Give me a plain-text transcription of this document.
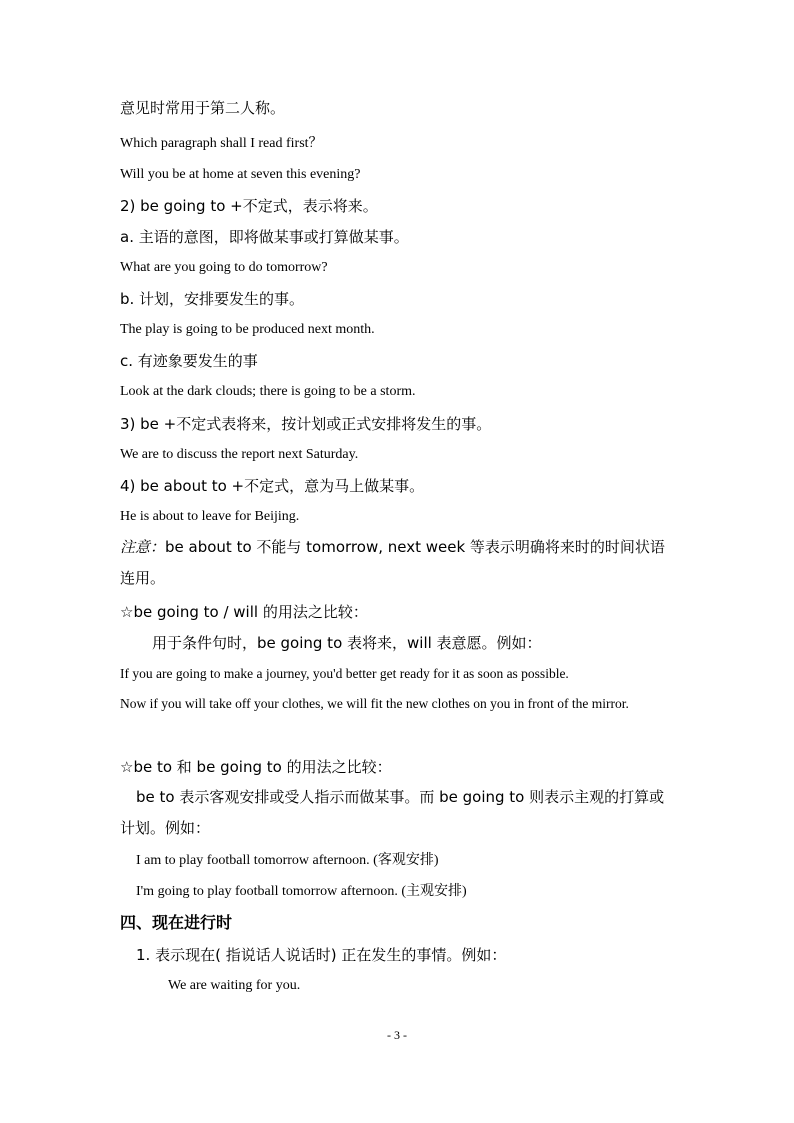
意见时常用于第二人称。
Which paragraph shall I read first？
Will you be at home at seven this evening?
2) be going to +不定式，表示将来。
a. 主语的意图，即将做某事或打算做某事。
What are you going to do tomorrow?
b. 计划，安排要发生的事。
The play is going to be produced next month.
c. 有迹象要发生的事
Look at the dark clouds; there is going to be a storm.
3) be +不定式表将来，按计划或正式安排将发生的事。
We are to discuss the report next Saturday.
4) be about to +不定式，意为马上做某事。
He is about to leave for Beijing.
注意：be about to 不能与 tomorrow, next week 等表示明确将来时的时间状语连用。
☆be going to / will 的用法之比较：
用于条件句时，be going to 表将来，will 表意愿。例如：
If you are going to make a journey, you'd better get ready for it as soon as possible.
Now if you will take off your clothes, we will fit the new clothes on you in front of the mirror.
☆be to 和 be going to 的用法之比较：
be to 表示客观安排或受人指示而做某事。而 be going to 则表示主观的打算或计划。例如：
I am to play football tomorrow afternoon. (客观安排)
I'm going to play football tomorrow afternoon. (主观安排)
四、现在进行时
1. 表示现在( 指说话人说话时) 正在发生的事情。例如：
We are waiting for you.
- 3 -
